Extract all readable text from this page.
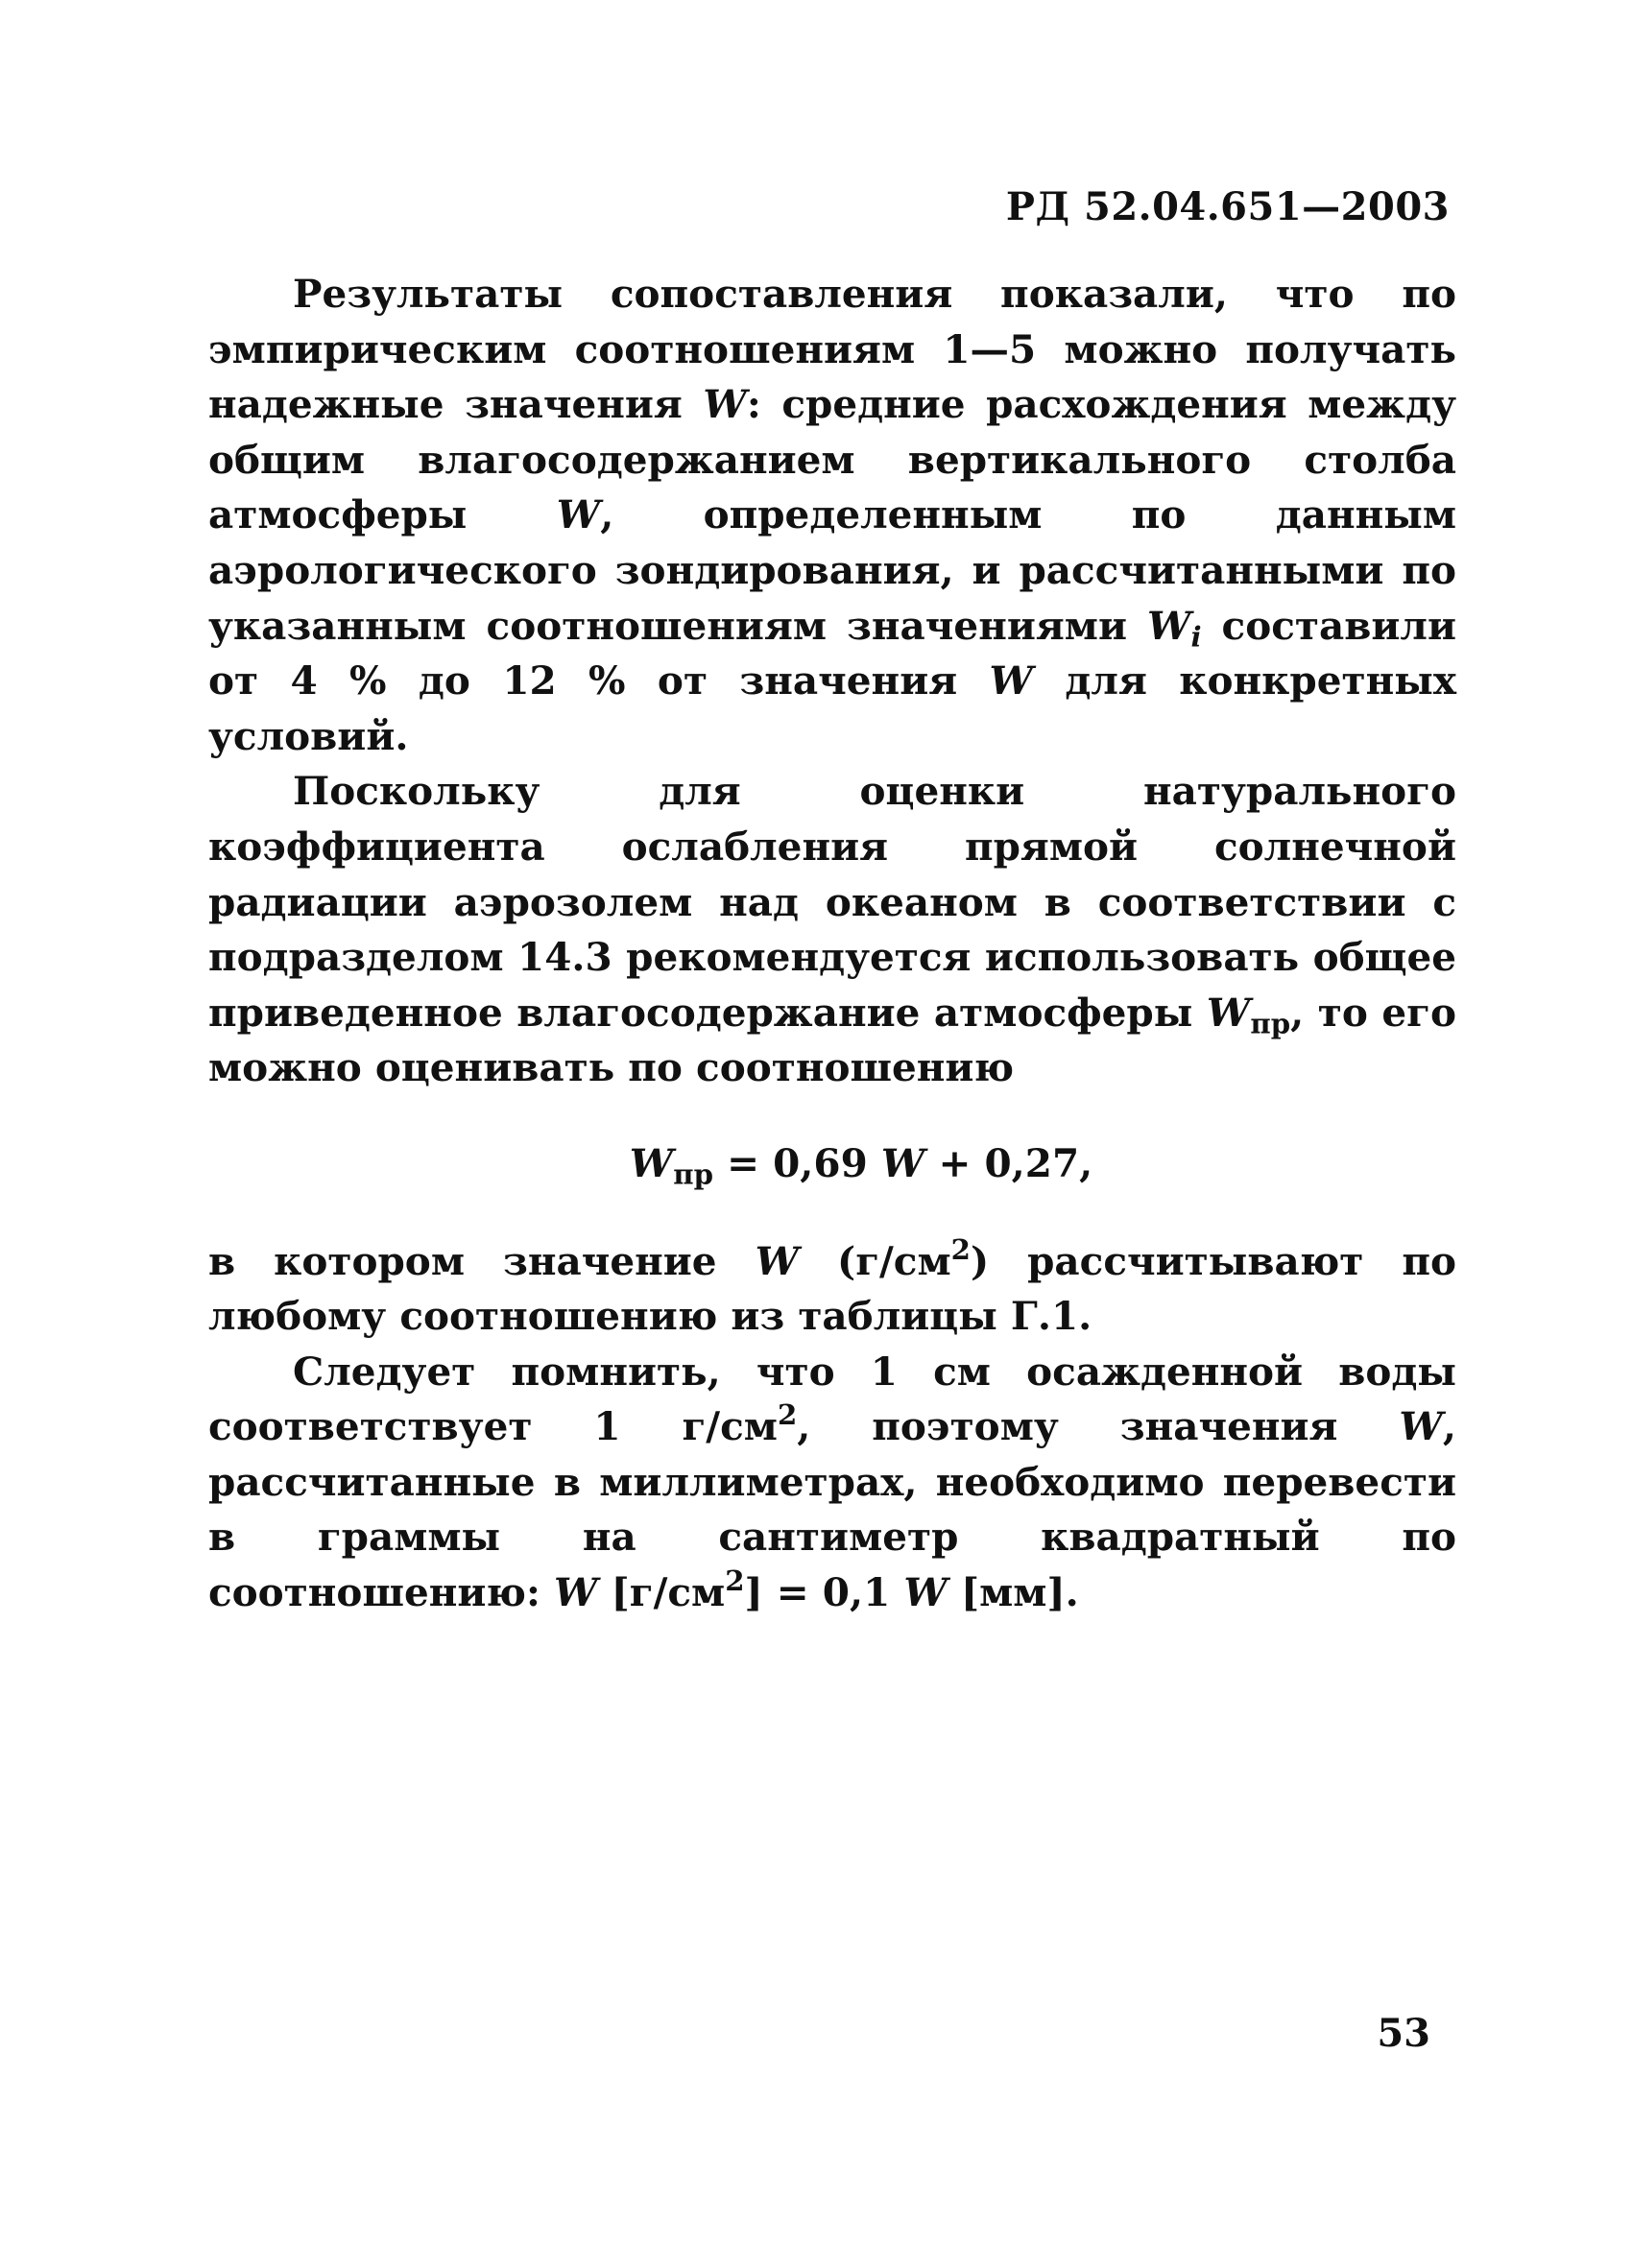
РД 52.04.651—2003

Результаты сопоставления показали, что по эмпирическим соотношениям 1—5 можно получать надежные значения W: средние расхождения между общим влагосодержанием вертикального столба атмосферы W, определенным по данным аэрологического зондирования, и рассчитанными по указанным соотношениям значениями $W_i$ составили от 4 % до 12 % от значения W для конкретных условий.

Поскольку для оценки натурального коэффициента ослабления прямой солнечной радиации аэрозолем над океаном в соответствии с подразделом 14.3 рекомендуется использовать общее приведенное влагосодержание атмосферы $W_{пр}$, то его можно оценивать по соотношению

$W_{пр} = 0,69$ W + 0,27,

в котором значение W $(г/см^2)$ рассчитывают по любому соотношению из таблицы Г.1.

Следует помнить, что 1 см осажденной воды соответствует 1 $г/см^2$, поэтому значения W, рассчитанные в миллиметрах, необходимо перевести в граммы на сантиметр квадратный по соотношению: W $[г/см^2] = 0,1$ W [мм].

53
